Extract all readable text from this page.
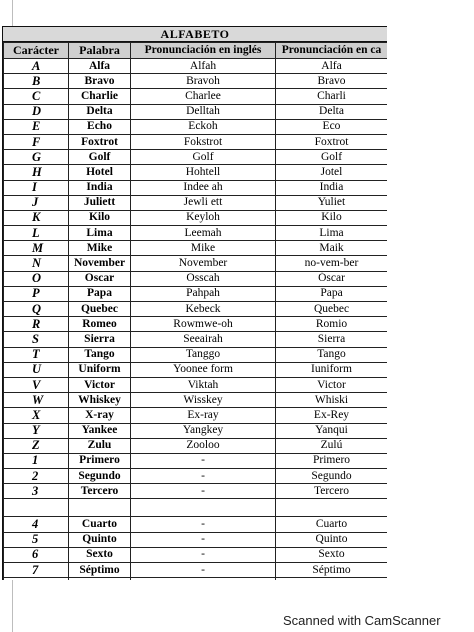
ALFABETO
Carácter	Palabra	Pronunciación en inglés	Pronunciación en ca
A	Alfa	Alfah	Alfa
B	Bravo	Bravoh	Bravo
C	Charlie	Charlee	Charli
D	Delta	Delltah	Delta
E	Echo	Eckoh	Eco
F	Foxtrot	Fokstrot	Foxtrot
G	Golf	Golf	Golf
H	Hotel	Hohtell	Jotel
I	India	Indee ah	India
J	Juliett	Jewli ett	Yuliet
K	Kilo	Keyloh	Kilo
L	Lima	Leemah	Lima
M	Mike	Mike	Maik
N	November	November	no-vem-ber
O	Oscar	Osscah	Óscar
P	Papa	Pahpah	Papa
Q	Quebec	Kebeck	Quebec
R	Romeo	Rowmwe-oh	Romio
S	Sierra	Seeairah	Sierra
T	Tango	Tanggo	Tango
U	Uniform	Yoonee form	Iuniform
V	Victor	Viktah	Victor
W	Whiskey	Wisskey	Whiski
X	X-ray	Ex-ray	Ex-Rey
Y	Yankee	Yangkey	Yanqui
Z	Zulu	Zooloo	Zulú
1	Primero	-	Primero
2	Segundo	-	Segundo
3	Tercero	-	Tercero

4	Cuarto	-	Cuarto
5	Quinto	-	Quinto
6	Sexto	-	Sexto
7	Séptimo	-	Séptimo

Scanned with CamScanner
